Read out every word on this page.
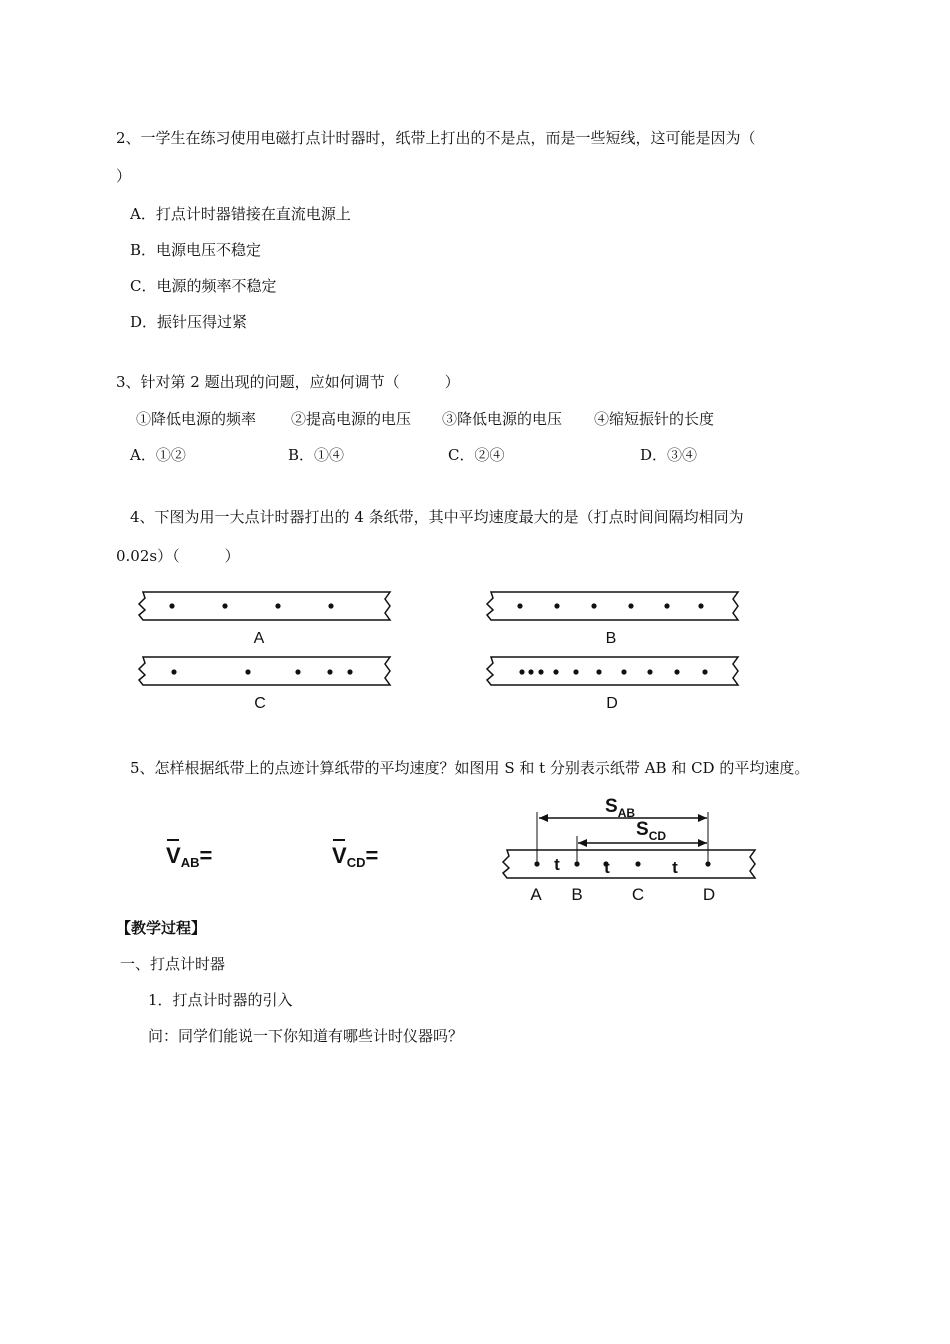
2、一学生在练习使用电磁打点计时器时，纸带上打出的不是点，而是一些短线，这可能是因为（
）
A．打点计时器错接在直流电源上
B．电源电压不稳定
C．电源的频率不稳定
D．振针压得过紧
3、针对第 2 题出现的问题，应如何调节（　　　）
①降低电源的频率 ②提高电源的电压 ③降低电源的电压 ④缩短振针的长度
A．①②	B．①④	C．②④	D．③④
4、下图为用一大点计时器打出的 4 条纸带，其中平均速度最大的是（打点时间间隔均相同为
0.02s）（　　　）
A	B
C	D
5、怎样根据纸带上的点迹计算纸带的平均速度？如图用 S 和 t 分别表示纸带 AB 和 CD 的平均速度。
$V_{AB}=$	$V_{CD}=$
$S_{AB}$
$S_{CD}$
t	t	t
A B	C	D
【教学过程】
一、打点计时器
1．打点计时器的引入
问：同学们能说一下你知道有哪些计时仪器吗？
